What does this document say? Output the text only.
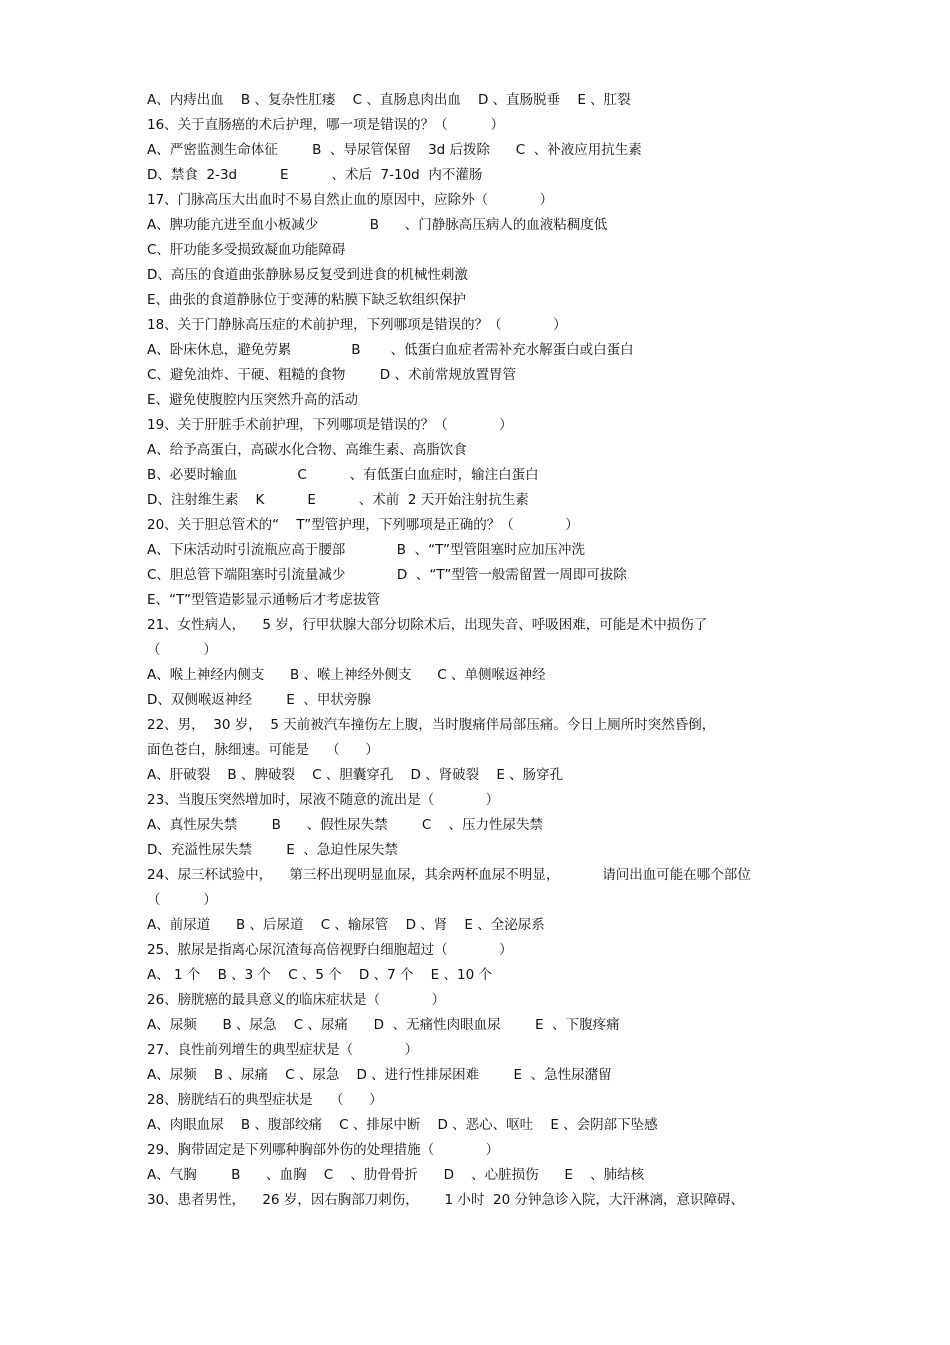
A、内痔出血    B 、复杂性肛瘘    C 、直肠息肉出血    D 、直肠脱垂    E 、肛裂
16、关于直肠癌的术后护理，哪一项是错误的？（          ）
A、严密监测生命体征        B  、导尿管保留    3d 后拨除      C  、补液应用抗生素
D、禁食  2-3d          E          、术后  7-10d  内不灌肠
17、门脉高压大出血时不易自然止血的原因中，应除外（            ）
A、脾功能亢进至血小板减少            B      、门静脉高压病人的血液粘稠度低
C、肝功能多受损致凝血功能障碍
D、高压的食道曲张静脉易反复受到进食的机械性刺激
E、曲张的食道静脉位于变薄的粘膜下缺乏软组织保护
18、关于门静脉高压症的术前护理，下列哪项是错误的？（            ）
A、卧床休息，避免劳累              B       、低蛋白血症者需补充水解蛋白或白蛋白
C、避免油炸、干硬、粗糙的食物        D 、术前常规放置胃管
E、避免使腹腔内压突然升高的活动
19、关于肝脏手术前护理，下列哪项是错误的？（            ）
A、给予高蛋白，高碳水化合物、高维生素、高脂饮食
B、必要时输血              C          、有低蛋白血症时，输注白蛋白
D、注射维生素    K          E          、术前  2 天开始注射抗生素
20、关于胆总管术的“    T”型管护理，下列哪项是正确的？（            ）
A、下床活动时引流瓶应高于腰部            B  、“T”型管阻塞时应加压冲洗
C、胆总管下端阻塞时引流量减少            D  、“T”型管一般需留置一周即可拔除
E、“T”型管造影显示通畅后才考虑拔管
21、女性病人，    5 岁，行甲状腺大部分切除术后，出现失音、呼吸困难，可能是术中损伤了
（          ）
A、喉上神经内侧支      B 、喉上神经外侧支      C 、单侧喉返神经
D、双侧喉返神经        E  、甲状旁腺
22、男，  30 岁，  5 天前被汽车撞伤左上腹，当时腹痛伴局部压痛。今日上厕所时突然昏倒，
面色苍白，脉细速。可能是    （      ）
A、肝破裂    B 、脾破裂    C 、胆囊穿孔    D 、肾破裂    E 、肠穿孔
23、当腹压突然增加时，尿液不随意的流出是（            ）
A、真性尿失禁        B      、假性尿失禁        C    、压力性尿失禁
D、充溢性尿失禁        E  、急迫性尿失禁
24、尿三杯试验中，    第三杯出现明显血尿，其余两杯血尿不明显，          请问出血可能在哪个部位
（          ）
A、前尿道      B 、后尿道    C 、输尿管    D 、肾    E 、全泌尿系
25、脓尿是指离心尿沉渣每高倍视野白细胞超过（            ）
A、 1 个    B 、3 个    C 、5 个    D 、7 个    E 、10 个
26、膀胱癌的最具意义的临床症状是（            ）
A、尿频      B 、尿急    C 、尿痛      D  、无痛性肉眼血尿        E  、下腹疼痛
27、良性前列增生的典型症状是（            ）
A、尿频    B 、尿痛    C 、尿急    D 、进行性排尿困难        E  、急性尿潴留
28、膀胱结石的典型症状是    （      ）
A、肉眼血尿    B 、腹部绞痛    C 、排尿中断    D 、恶心、呕吐    E 、会阴部下坠感
29、胸带固定是下列哪种胸部外伤的处理措施（            ）
A、气胸        B      、血胸    C    、肋骨骨折      D    、心脏损伤      E    、肺结核
30、患者男性，    26 岁，因右胸部刀刺伤，      1 小时  20 分钟急诊入院，大汗淋漓，意识障碍、
